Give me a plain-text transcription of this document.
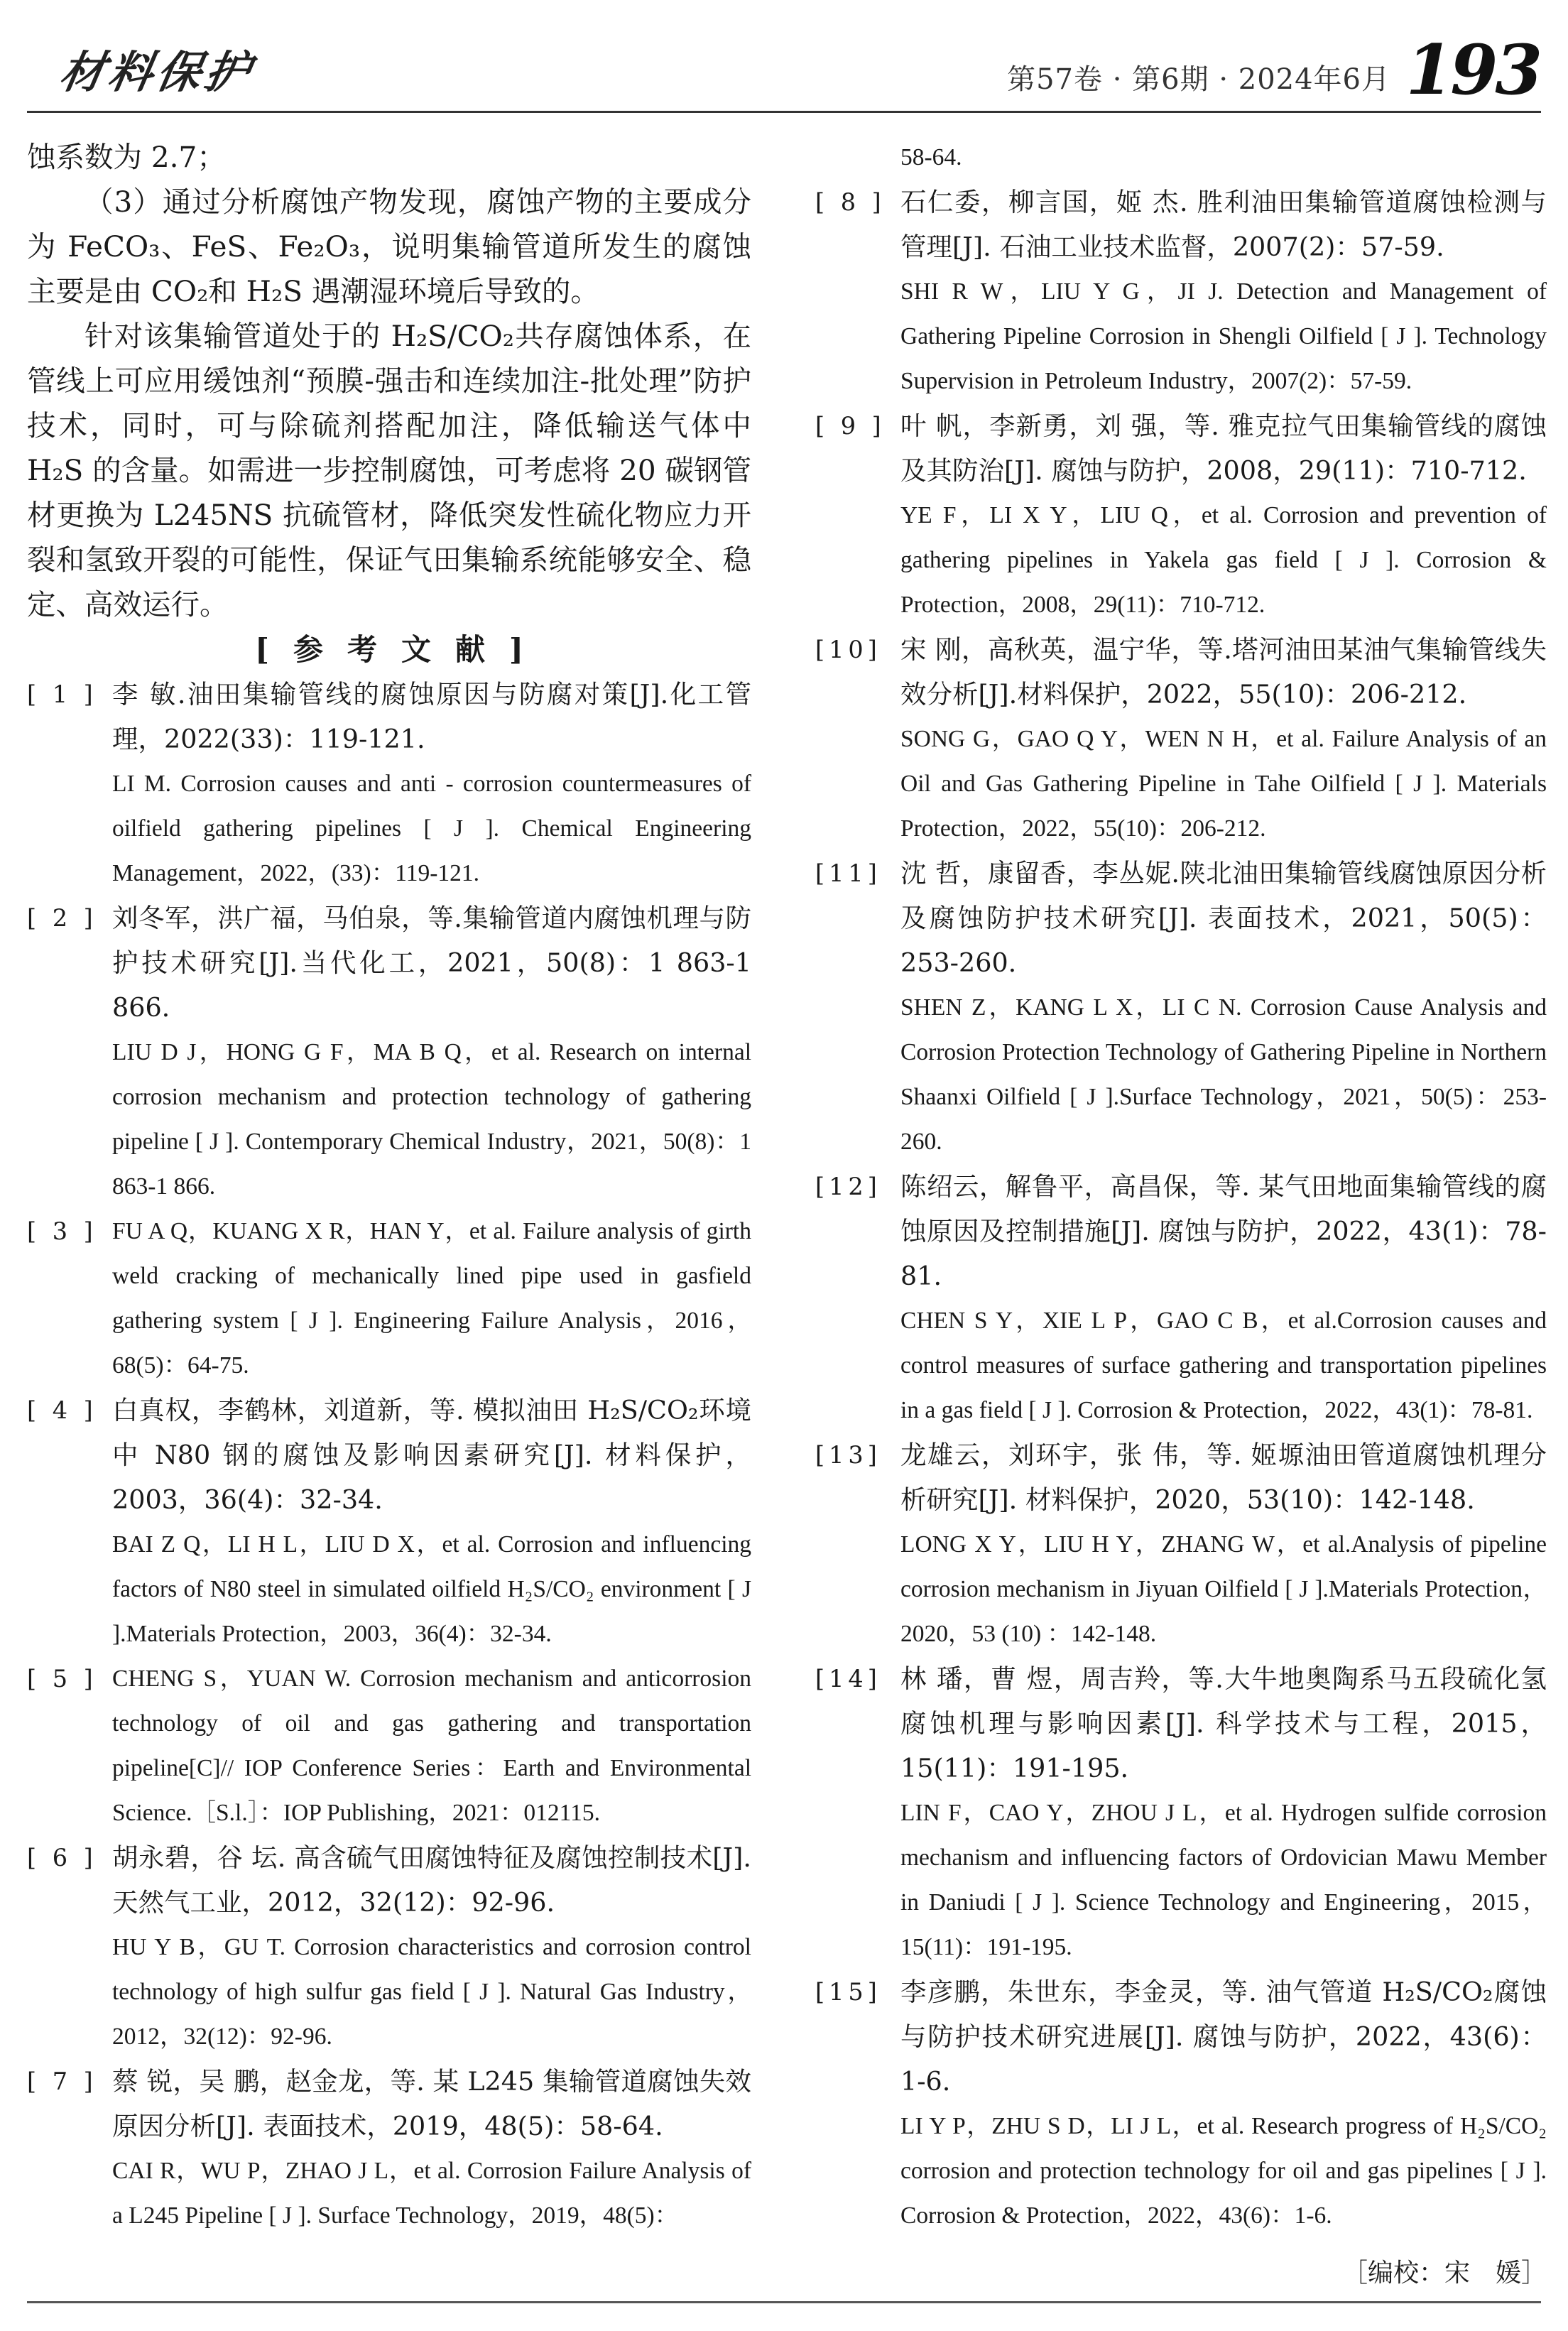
材料保护	第57卷 · 第6期 · 2024年6月 193

蚀系数为 2.7；

（3）通过分析腐蚀产物发现，腐蚀产物的主要成分为 FeCO₃、FeS、Fe₂O₃，说明集输管道所发生的腐蚀主要是由 CO₂和 H₂S 遇潮湿环境后导致的。

针对该集输管道处于的 H₂S/CO₂共存腐蚀体系，在管线上可应用缓蚀剂“预膜-强击和连续加注-批处理”防护技术，同时，可与除硫剂搭配加注，降低输送气体中 H₂S 的含量。如需进一步控制腐蚀，可考虑将 20 碳钢管材更换为 L245NS 抗硫管材，降低突发性硫化物应力开裂和氢致开裂的可能性，保证气田集输系统能够安全、稳定、高效运行。

[参考文献]

[ 1 ] 李 敏.油田集输管线的腐蚀原因与防腐对策[J].化工管理，2022(33)：119-121.

LI M. Corrosion causes and anti - corrosion countermeasures of oilfield gathering pipelines [ J ]. Chemical Engineering Management，2022，(33)：119-121.

[ 2 ] 刘冬军，洪广福，马伯泉，等.集输管道内腐蚀机理与防护技术研究[J].当代化工，2021，50(8)：1 863-1 866.

LIU D J，HONG G F，MA B Q，et al. Research on internal corrosion mechanism and protection technology of gathering pipeline [ J ]. Contemporary Chemical Industry，2021，50(8)：1 863-1 866.

[ 3 ] FU A Q，KUANG X R，HAN Y，et al. Failure analysis of girth weld cracking of mechanically lined pipe used in gasfield gathering system [ J ]. Engineering Failure Analysis，2016，68(5)：64-75.

[ 4 ] 白真权，李鹤林，刘道新，等. 模拟油田 H₂S/CO₂环境中 N80 钢的腐蚀及影响因素研究[J]. 材料保护，2003，36(4)：32-34.

BAI Z Q，LI H L，LIU D X，et al. Corrosion and influencing factors of N80 steel in simulated oilfield H₂S/CO₂ environment [ J ].Materials Protection，2003，36(4)：32-34.

[ 5 ] CHENG S，YUAN W. Corrosion mechanism and anticorrosion technology of oil and gas gathering and transportation pipeline[C]// IOP Conference Series：Earth and Environmental Science.［S.l.］：IOP Publishing，2021：012115.

[ 6 ] 胡永碧，谷 坛. 高含硫气田腐蚀特征及腐蚀控制技术[J]. 天然气工业，2012，32(12)：92-96.

HU Y B，GU T. Corrosion characteristics and corrosion control technology of high sulfur gas field [ J ]. Natural Gas Industry，2012，32(12)：92-96.

[ 7 ] 蔡 锐，吴 鹏，赵金龙，等. 某 L245 集输管道腐蚀失效原因分析[J]. 表面技术，2019，48(5)：58-64.

CAI R，WU P，ZHAO J L，et al. Corrosion Failure Analysis of a L245 Pipeline [ J ]. Surface Technology，2019，48(5)：

58-64.

[ 8 ] 石仁委，柳言国，姬 杰. 胜利油田集输管道腐蚀检测与管理[J]. 石油工业技术监督，2007(2)：57-59.

SHI R W，LIU Y G，JI J. Detection and Management of Gathering Pipeline Corrosion in Shengli Oilfield [ J ]. Technology Supervision in Petroleum Industry，2007(2)：57-59.

[ 9 ] 叶 帆，李新勇，刘 强，等. 雅克拉气田集输管线的腐蚀及其防治[J]. 腐蚀与防护，2008，29(11)：710-712.

YE F，LI X Y，LIU Q，et al. Corrosion and prevention of gathering pipelines in Yakela gas field [ J ]. Corrosion & Protection，2008，29(11)：710-712.

[10] 宋 刚，高秋英，温宁华，等.塔河油田某油气集输管线失效分析[J].材料保护，2022，55(10)：206-212.

SONG G，GAO Q Y，WEN N H，et al. Failure Analysis of an Oil and Gas Gathering Pipeline in Tahe Oilfield [ J ]. Materials Protection，2022，55(10)：206-212.

[11] 沈 哲，康留香，李丛妮.陕北油田集输管线腐蚀原因分析及腐蚀防护技术研究[J]. 表面技术，2021，50(5)：253-260.

SHEN Z，KANG L X，LI C N. Corrosion Cause Analysis and Corrosion Protection Technology of Gathering Pipeline in Northern Shaanxi Oilfield [ J ].Surface Technology，2021，50(5)：253-260.

[12] 陈绍云，解鲁平，高昌保，等. 某气田地面集输管线的腐蚀原因及控制措施[J]. 腐蚀与防护，2022，43(1)：78-81.

CHEN S Y，XIE L P，GAO C B，et al.Corrosion causes and control measures of surface gathering and transportation pipelines in a gas field [ J ]. Corrosion & Protection，2022，43(1)：78-81.

[13] 龙雄云，刘环宇，张 伟，等. 姬塬油田管道腐蚀机理分析研究[J]. 材料保护，2020，53(10)：142-148.

LONG X Y，LIU H Y，ZHANG W，et al.Analysis of pipeline corrosion mechanism in Jiyuan Oilfield [ J ].Materials Protection，2020，53 (10) ：142-148.

[14] 林 璠，曹 煜，周吉羚，等.大牛地奥陶系马五段硫化氢腐蚀机理与影响因素[J]. 科学技术与工程，2015，15(11)：191-195.

LIN F，CAO Y，ZHOU J L，et al. Hydrogen sulfide corrosion mechanism and influencing factors of Ordovician Mawu Member in Daniudi [ J ]. Science Technology and Engineering，2015，15(11)：191-195.

[15] 李彦鹏，朱世东，李金灵，等. 油气管道 H₂S/CO₂腐蚀与防护技术研究进展[J]. 腐蚀与防护，2022，43(6)：1-6.

LI Y P，ZHU S D，LI J L，et al. Research progress of H₂S/CO₂ corrosion and protection technology for oil and gas pipelines [ J ]. Corrosion & Protection，2022，43(6)：1-6.

［编校：宋　媛］
